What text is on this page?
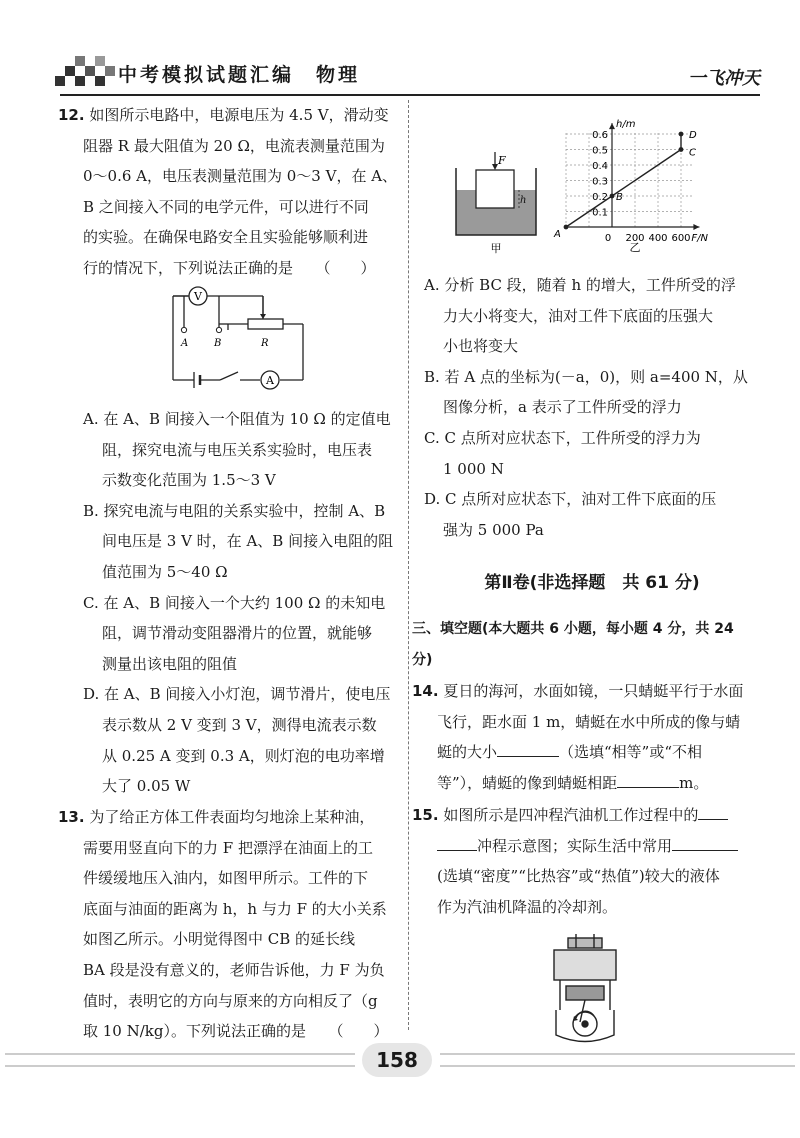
中考模拟试题汇编　物理	一飞冲天

12. 如图所示电路中，电源电压为 4.5 V，滑动变

阻器 R 最大阻值为 20 Ω，电流表测量范围为

0～0.6 A，电压表测量范围为 0～3 V，在 A、

B 之间接入不同的电学元件，可以进行不同

的实验。在确保电路安全且实验能够顺利进

行的情况下，下列说法正确的是　　（　　）

V
A	B	R
A

A. 在 A、B 间接入一个阻值为 10 Ω 的定值电

阻，探究电流与电压关系实验时，电压表

示数变化范围为 1.5～3 V

B. 探究电流与电阻的关系实验中，控制 A、B

间电压是 3 V 时，在 A、B 间接入电阻的阻

值范围为 5～40 Ω

C. 在 A、B 间接入一个大约 100 Ω 的未知电

阻，调节滑动变阻器滑片的位置，就能够

测量出该电阻的阻值

D. 在 A、B 间接入小灯泡，调节滑片，使电压

表示数从 2 V 变到 3 V，测得电流表示数

从 0.25 A 变到 0.3 A，则灯泡的电功率增

大了 0.05 W

13. 为了给正方体工件表面均匀地涂上某种油，

需要用竖直向下的力 F 把漂浮在油面上的工

件缓缓地压入油内，如图甲所示。工件的下

底面与油面的距离为 h，h 与力 F 的大小关系

如图乙所示。小明觉得图中 CB 的延长线

BA 段是没有意义的，老师告诉他，力 F 为负

值时，表明它的方向与原来的方向相反了（g

取 10 N/kg）。下列说法正确的是　　（　　）

F
h
甲
F/N
h/m
0.1
0.2
0.3
0.4
0.5
0.6
0 200 400 600
A
B
C
D
乙

A. 分析 BC 段，随着 h 的增大，工件所受的浮

力大小将变大，油对工件下底面的压强大

小也将变大

B. 若 A 点的坐标为(－a，0)，则 a=400 N，从

图像分析，a 表示了工件所受的浮力

C. C 点所对应状态下，工件所受的浮力为

1 000 N

D. C 点所对应状态下，油对工件下底面的压

强为 5 000 Pa

第Ⅱ卷(非选择题　共 61 分)

三、填空题(本大题共 6 小题，每小题 4 分，共 24

分)

14. 夏日的海河，水面如镜，一只蜻蜓平行于水面

飞行，距水面 1 m，蜻蜓在水中所成的像与蜻

蜓的大小	（选填“相等”或“不相

等”），蜻蜓的像到蜻蜓相距	m。

15. 如图所示是四冲程汽油机工作过程中的

冲程示意图；实际生活中常用

(选填“密度”“比热容”或“热值”)较大的液体

作为汽油机降温的冷却剂。

158
